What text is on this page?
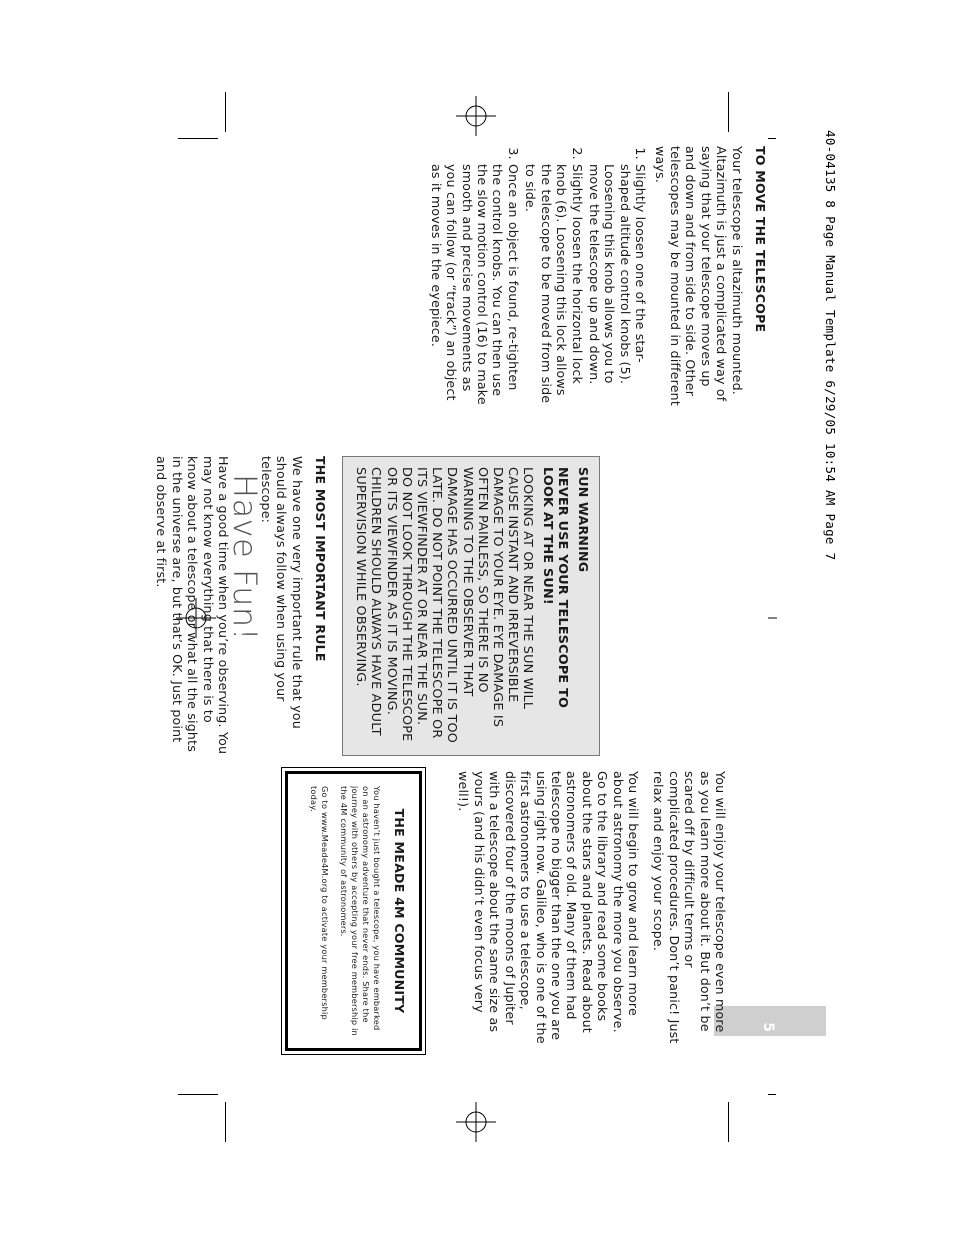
40-04135 8 Page Manual Template 6/29/05 10:54 AM Page 7
5
TO MOVE THE TELESCOPE

Your telescope is altazimuth mounted. Altazimuth is just a complicated way of saying that your telescope moves up and down and from side to side. Other telescopes may be mounted in different ways.

1. Slightly loosen one of the star-shaped altitude control knobs (5). Loosening this knob allows you to move the telescope up and down.
2. Slightly loosen the horizontal lock knob (6). Loosening this lock allows the telescope to be moved from side to side.
3. Once an object is found, re-tighten the control knobs. You can then use the slow motion control (16) to make smooth and precise movements as you can follow (or “track”) an object as it moves in the eyepiece.
SUN WARNING
NEVER USE YOUR TELESCOPE TO LOOK AT THE SUN!
LOOKING AT OR NEAR THE SUN WILL CAUSE INSTANT AND IRREVERSIBLE DAMAGE TO YOUR EYE. EYE DAMAGE IS OFTEN PAINLESS, SO THERE IS NO WARNING TO THE OBSERVER THAT DAMAGE HAS OCCURRED UNTIL IT IS TOO LATE. DO NOT POINT THE TELESCOPE OR ITS VIEWFINDER AT OR NEAR THE SUN. DO NOT LOOK THROUGH THE TELESCOPE OR ITS VIEWFINDER AS IT IS MOVING. CHILDREN SHOULD ALWAYS HAVE ADULT SUPERVISION WHILE OBSERVING.
THE MOST IMPORTANT RULE

We have one very important rule that you should always follow when using your telescope:

Have Fun!

Have a good time when you’re observing. You may not know everything that there is to know about a telescope or what all the sights in the universe are, but that’s OK. Just point and observe at first.

You will enjoy your telescope even more as you learn more about it. But don’t be scared off by difficult terms or complicated procedures. Don’t panic! Just relax and enjoy your scope.

You will begin to grow and learn more about astronomy the more you observe. Go to the library and read some books about the stars and planets. Read about astronomers of old. Many of them had telescope no bigger than the one you are using right now. Galileo, who is one of the first astronomers to use a telescope, discovered four of the moons of Jupiter with a telescope about the same size as yours (and his didn’t even focus very well!).

THE MEADE 4M COMMUNITY

You haven’t just bought a telescope, you have embarked on an astronomy adventure that never ends. Share the journey with others by accepting your free membership in the 4M community of astronomers.

Go to www.Meade4M.org to activate your membership today.
